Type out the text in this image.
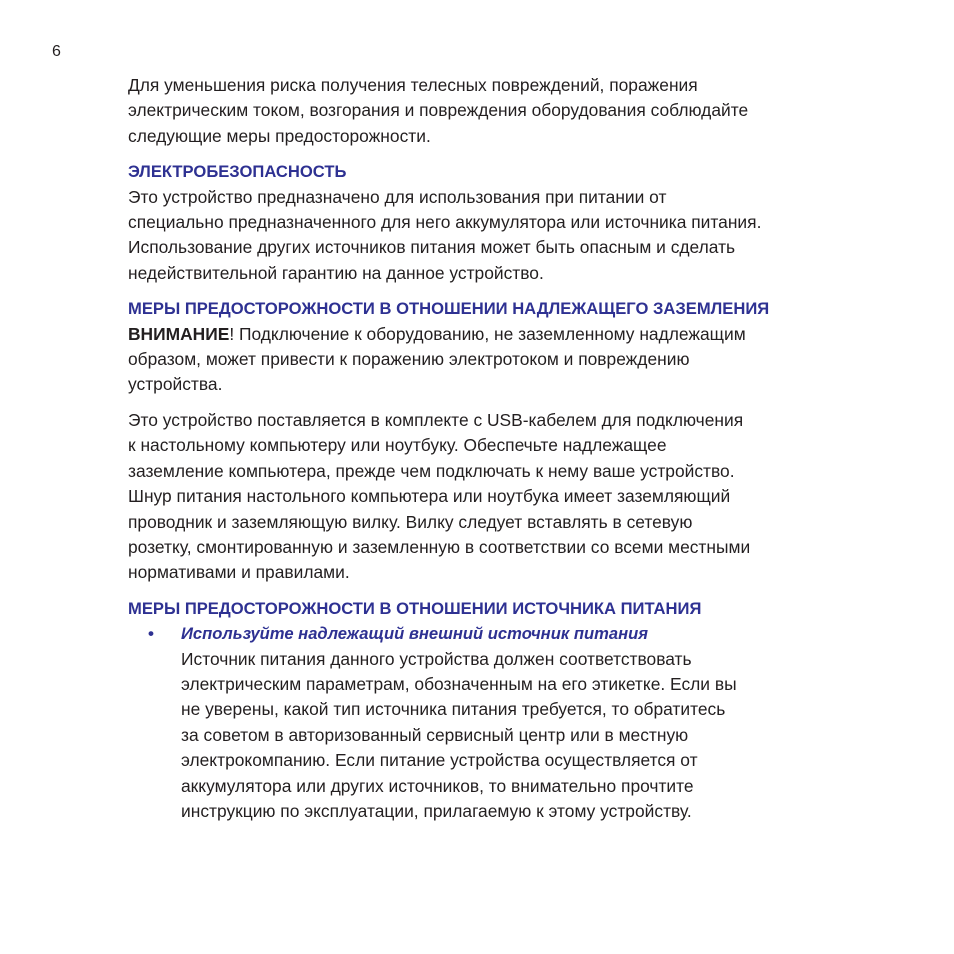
6
Для уменьшения риска получения телесных повреждений, поражения
электрическим током, возгорания и повреждения оборудования соблюдайте
следующие меры предосторожности.
ЭЛЕКТРОБЕЗОПАСНОСТЬ
Это устройство предназначено для использования при питании от
специально предназначенного для него аккумулятора или источника питания.
Использование других источников питания может быть опасным и сделать
недействительной гарантию на данное устройство.
МЕРЫ ПРЕДОСТОРОЖНОСТИ В ОТНОШЕНИИ НАДЛЕЖАЩЕГО ЗАЗЕМЛЕНИЯ
ВНИМАНИЕ! Подключение к оборудованию, не заземленному надлежащим
образом, может привести к поражению электротоком и повреждению
устройства.
Это устройство поставляется в комплекте с USB-кабелем для подключения
к настольному компьютеру или ноутбуку. Обеспечьте надлежащее
заземление компьютера, прежде чем подключать к нему ваше устройство.
Шнур питания настольного компьютера или ноутбука имеет заземляющий
проводник и заземляющую вилку. Вилку следует вставлять в сетевую
розетку, смонтированную и заземленную в соответствии со всеми местными
нормативами и правилами.
МЕРЫ ПРЕДОСТОРОЖНОСТИ В ОТНОШЕНИИ ИСТОЧНИКА ПИТАНИЯ
• Используйте надлежащий внешний источник питания
Источник питания данного устройства должен соответствовать
электрическим параметрам, обозначенным на его этикетке. Если вы
не уверены, какой тип источника питания требуется, то обратитесь
за советом в авторизованный сервисный центр или в местную
электрокомпанию. Если питание устройства осуществляется от
аккумулятора или других источников, то внимательно прочтите
инструкцию по эксплуатации, прилагаемую к этому устройству.
